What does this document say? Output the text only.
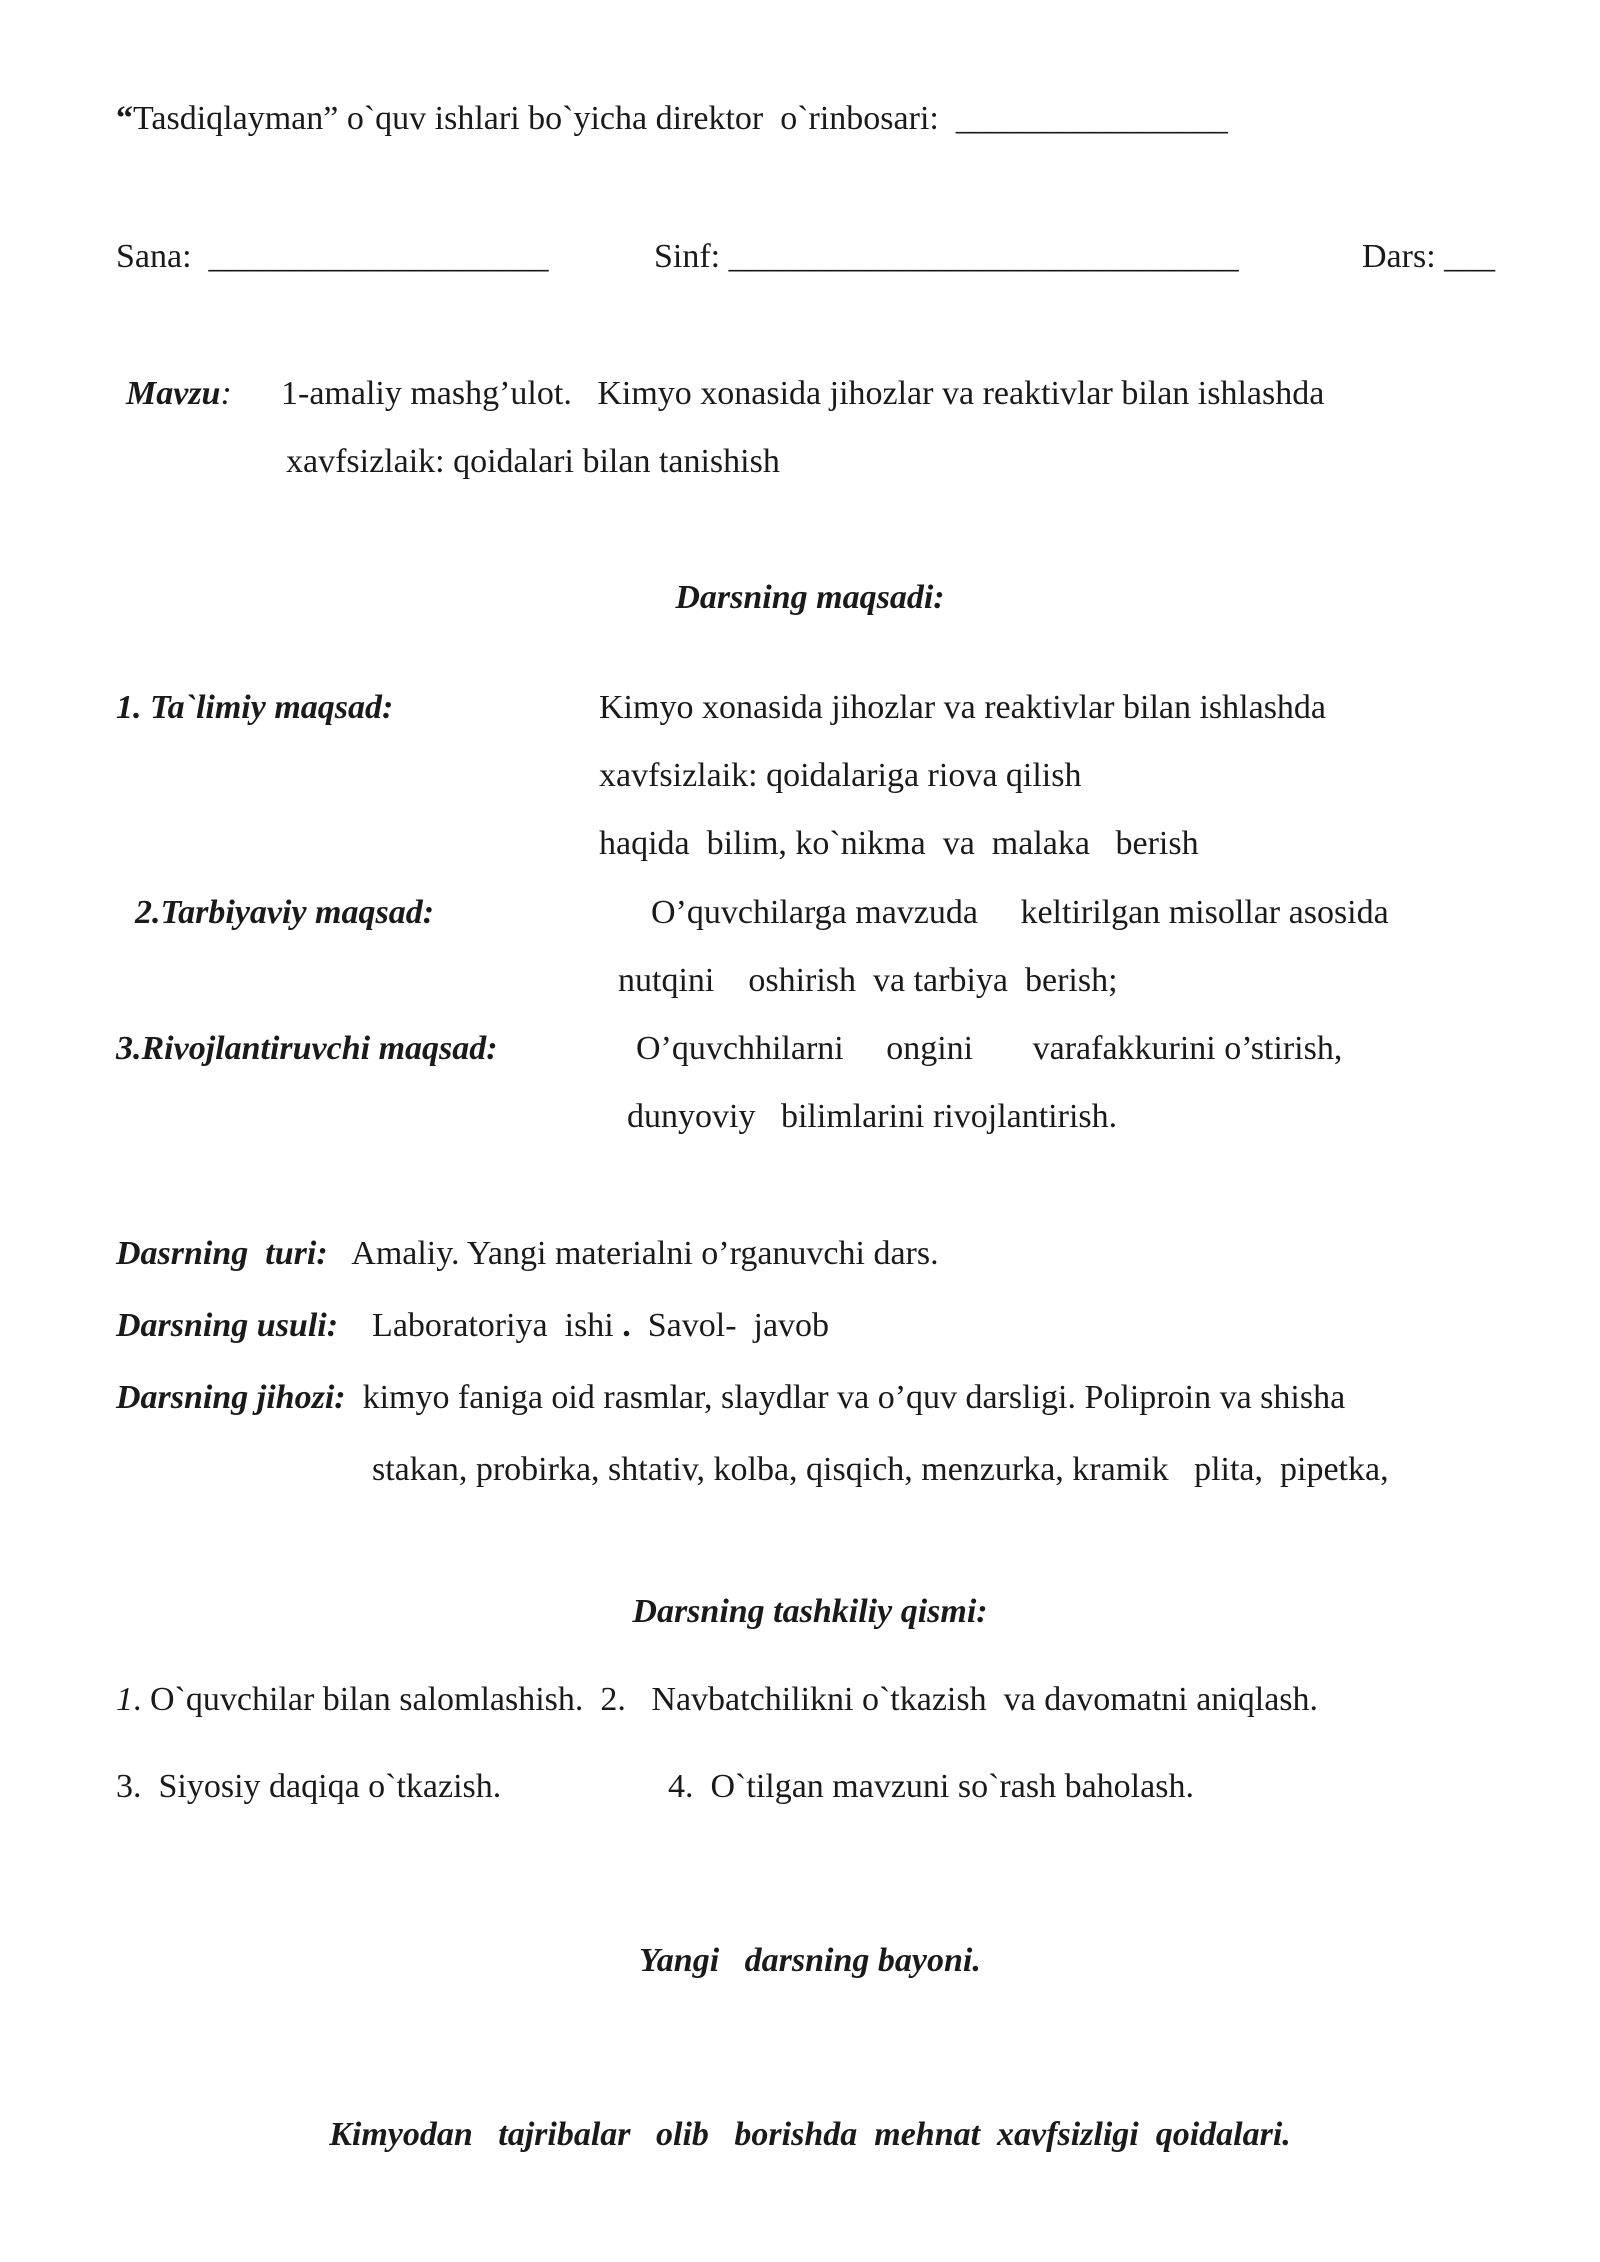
“Tasdiqlayman” o`quv ishlari bo`yicha direktor  o`rinbosari:  ________________
Sana:  ____________________	Sinf: ______________________________	Dars: ___
Mavzu: 1-amaliy mashg’ulot.   Kimyo xonasida jihozlar va reaktivlar bilan ishlashda
xavfsizlaik: qoidalari bilan tanishish
Darsning maqsadi:
1. Ta`limiy maqsad:	Kimyo xonasida jihozlar va reaktivlar bilan ishlashda
xavfsizlaik: qoidalariga riova qilish
haqida  bilim, ko`nikma  va  malaka   berish
2.Tarbiyaviy maqsad:	O’quvchilarga mavzuda     keltirilgan misollar asosida
nutqini    oshirish  va tarbiya  berish;
3.Rivojlantiruvchi maqsad:	O’quvchhilarni     ongini       varafakkurini o’stirish,
dunyoviy   bilimlarini rivojlantirish.
Dasrning  turi: Amaliy. Yangi materialni o’rganuvchi dars.
Darsning usuli: Laboratoriya  ishi .  Savol-  javob
Darsning jihozi: kimyo faniga oid rasmlar, slaydlar va o’quv darsligi. Poliproin va shisha
stakan, probirka, shtativ, kolba, qisqich, menzurka, kramik   plita,  pipetka,
Darsning tashkiliy qismi:
1. O`quvchilar bilan salomlashish.  2.   Navbatchilikni o`tkazish  va davomatni aniqlash.
3.  Siyosiy daqiqa o`tkazish.	4.  O`tilgan mavzuni so`rash baholash.
Yangi   darsning bayoni.
Kimyodan   tajribalar   olib   borishda  mehnat  xavfsizligi  qoidalari.
